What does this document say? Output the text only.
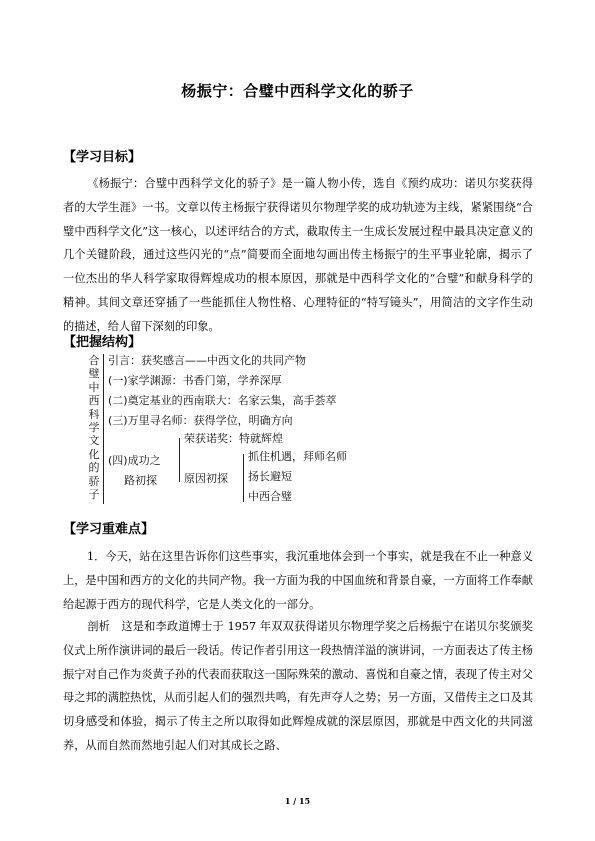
杨振宁：合璧中西科学文化的骄子
【学习目标】

《杨振宁：合璧中西科学文化的骄子》是一篇人物小传，选自《预约成功：诺贝尔奖获得者的大学生涯》一书。文章以传主杨振宁获得诺贝尔物理学奖的成功轨迹为主线，紧紧围绕“合璧中西科学文化”这一核心，以述评结合的方式，截取传主一生成长发展过程中最具决定意义的几个关键阶段，通过这些闪光的“点”简要而全面地勾画出传主杨振宁的生平事业轮廓，揭示了一位杰出的华人科学家取得辉煌成功的根本原因，那就是中西科学文化的“合璧”和献身科学的精神。其间文章还穿插了一些能抓住人物性格、心理特征的“特写镜头”，用简洁的文字作生动的描述，给人留下深刻的印象。

【把握结构】
合璧中西科学文化的骄子
引言：获奖感言——中西文化的共同产物
(一)家学渊源：书香门第，学养深厚
(二)奠定基业的西南联大：名家云集，高手荟萃
(三)万里寻名师：获得学位，明确方向
(四)成功之
路初探
荣获诺奖：特就辉煌
原因初探
抓住机遇，拜师名师
扬长避短
中西合璧
【学习重难点】

1．今天，站在这里告诉你们这些事实，我沉重地体会到一个事实，就是我在不止一种意义上，是中国和西方的文化的共同产物。我一方面为我的中国血统和背景自豪，一方面将工作奉献给起源于西方的现代科学，它是人类文化的一部分。

剖析　这是和李政道博士于 1957 年双双获得诺贝尔物理学奖之后杨振宁在诺贝尔奖颁奖仪式上所作演讲词的最后一段话。传记作者引用这一段热情洋溢的演讲词，一方面表达了传主杨振宁对自己作为炎黄子孙的代表而获取这一国际殊荣的激动、喜悦和自豪之情，表现了传主对父母之邦的满腔热忱，从而引起人们的强烈共鸣，有先声夺人之势；另一方面，又借传主之口及其切身感受和体验，揭示了传主之所以取得如此辉煌成就的深层原因，那就是中西文化的共同滋养，从而自然而然地引起人们对其成长之路、

1 / 15
